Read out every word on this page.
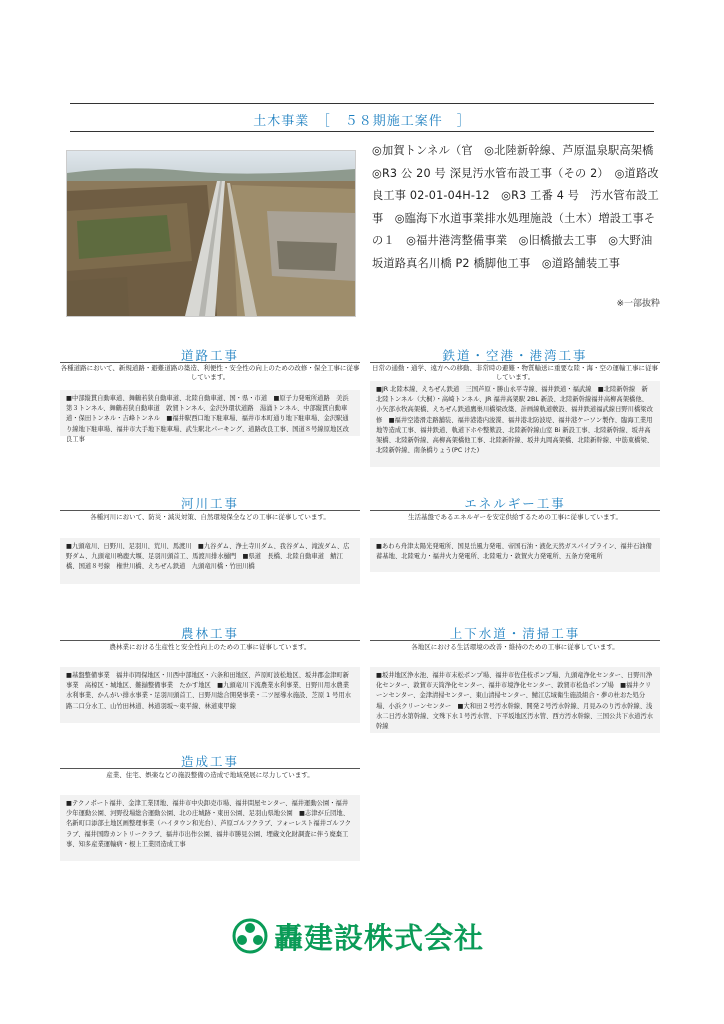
土木事業　［　５８期施工案件　］
◎加賀トンネル（官　◎北陸新幹線、芦原温泉駅高架橋　◎R3 公 20 号 深見汚水管布設工事（その 2）　◎道路改良工事 02-01-04H-12　◎R3 工番 4 号　汚水管布設工事　◎臨海下水道事業排水処理施設（土木）増設工事その１　◎福井港湾整備事業　◎旧橋撤去工事　◎大野油坂道路真名川橋 P2 橋脚他工事　◎道路舗装工事
※一部抜粋
道路工事
各種道路において、新規道路・避難道路の築造、利便性・安全性の向上のための改修・保全工事に従事しています。
■中部縦貫自動車道、舞鶴若狭自動車道、北陸自動車道、国・県・市道　■原子力発電所道路　美浜第３トンネル、舞鶴若狭自動車道　敦賀トンネル、金沢外環状道路　湯涌トンネル、中部縦貫自動車道・保田トンネル・吉峰トンネル　■福井駅西口地下駐車場、福井市本町通り地下駐車場、金沢駅通り線地下駐車場、福井市大手地下駐車場、武生駅北パーキング、道路改良工事、国道８号線原地区改良工事
鉄道・空港・港湾工事
日常の通勤・通学、遠方への移動、非常時の避難・物質輸送に重要な陸・海・空の運輸工事に従事しています。
■JR 北陸本線、えちぜん鉄道　三国芦原・勝山永平寺線、福井鉄道・福武線　■北陸新幹線　新北陸トンネル（大桐）・高崎トンネル、JR 福井高架駅 2BL 新設、北陸新幹線福井高柳高架橋他、小矢部水牧高架橋、えちぜん鉄道鷹巣川橋梁改築、計画線軌道敷設、福井鉄道福武線日野川橋梁改修　■福井空港滑走路舗装、福井港港内浚渫、福井港北防波堤、福井港ケーソン製作、臨海工業用地等造成工事、福井鉄道、軌道下ホや整歎設、北陸新幹線山室 Bi 新設工事、北陸新幹線、坂井高架橋、北陸新幹線、高柳高架橋他工事、北陸新幹線、坂井丸岡高架橋、北陸新幹線、中筋東橋梁、北陸新幹線、南条橋りょう(PC けた)
河川工事
各種河川において、防災・減災対策、自然環境保全などの工事に従事しています。
■九頭竜川、日野川、足羽川、荒川、馬渡川　■九谷ダム、浄土寺川ダム、我谷ダム、滝波ダム、広野ダム、九頭竜川鳴鹿大堰、足羽川頭首工、馬渡川排水樋門　■県道　長橋、北陸自動車道　鯖江橋、国道８号線　権世川橋、えちぜん鉄道　九頭竜川橋・竹田川橋
エネルギー工事
生活基盤であるエネルギーを安定供給するための工事に従事しています。
■あわら舟津太陽光発電所、国見岳風力発電、帝国石油・液化天然ガスパイプライン、福井石油備蓄基地、北陸電力・福井火力発電所、北陸電力・敦賀火力発電所、五条方発電所
農林工事
農林業における生産性と安全性向上のための工事に従事しています。
■基盤整備事業　福井市岡保地区・川西中部地区・六条和田地区、芦原町波松地区、坂井郡金津町新事業　高椋区・城地区、難揃整備事業　たかす地区　■九頭竜川下流農業水利事業、日野川用水農業水利事業、かんがい排水事業・足羽川頭首工、日野川総合開発事業・二ツ屋導水施設、芝原 1 号用水路二口分水工、山竹田林道、林道羽坂～東平線、林道東甲線
上下水道・清掃工事
各地区における生活環境の改善・維持のための工事に従事しています。
■坂井地区浄水池、福井市末松ポンプ場、福井市佐佳枝ポンプ場、九頭竜浄化センター、日野川浄化センター、敦賀市天筒浄化センター、福井市境浄化センター、敦賀市松島ポンプ場　■福井クリーンセンター、金津清掃センター、東山清掃センター、鯖江広域衛生施設組合・夢の杜おた処分場、小浜クリーンセンター　■大和田２号汚水幹線、開発２号汚水幹線、月見みのり汚水幹線、浅水二日汚水第幹線、文殊下水１号汚水管、下平坂地区汚水管、西方汚水幹線、三国公共下水道汚水幹線
造成工事
産業、住宅、娯楽などの施設整備の造成で地域発展に尽力しています。
■テクノポート福井、金津工業団地、福井市中央卸売市場、福井問屋センター、福井運動公園・福井少年運動公園、河野役場総合運動公園、北の庄城跡・東田公園、足羽山県地公園　■志津が丘団地、名新町口添部土地区画整理事業（ハイタウン和光台）、芦原ゴルフクラブ、フォーレスト福井ゴルフクラブ、福井国際カントリークラブ、福井市出作公園、福井市勝見公園、埋蔵文化財調査に伴う廃棄工事、知多産業運輸病・根上工業団造成工事
轟建設株式会社
